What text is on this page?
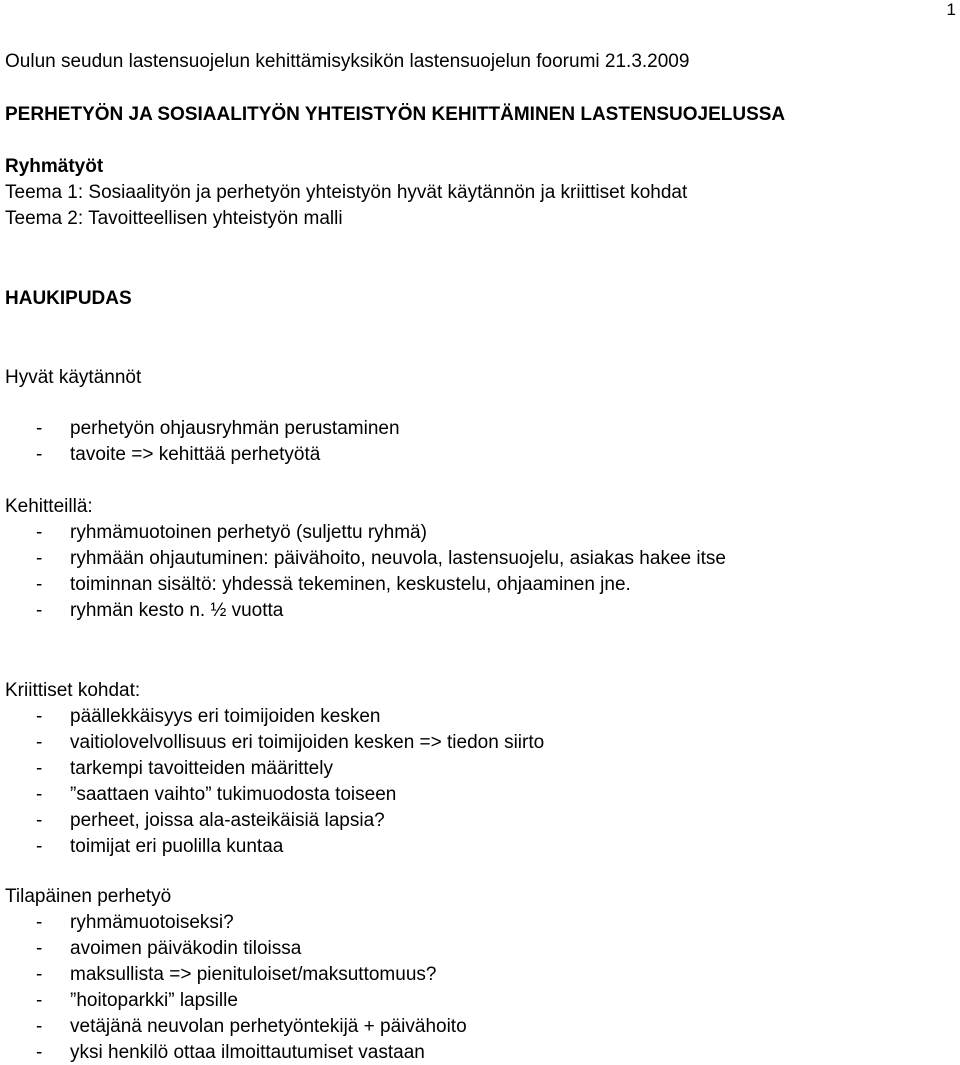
1
Oulun seudun lastensuojelun kehittämisyksikön lastensuojelun foorumi 21.3.2009
PERHETYÖN JA SOSIAALITYÖN YHTEISTYÖN KEHITTÄMINEN LASTENSUOJELUSSA
Ryhmätyöt
Teema 1: Sosiaalityön ja perhetyön yhteistyön hyvät käytännön ja kriittiset kohdat
Teema 2: Tavoitteellisen yhteistyön malli
HAUKIPUDAS
Hyvät käytännöt
- perhetyön ohjausryhmän perustaminen
- tavoite => kehittää perhetyötä
Kehitteillä:
- ryhmämuotoinen perhetyö (suljettu ryhmä)
- ryhmään ohjautuminen: päivähoito, neuvola, lastensuojelu, asiakas hakee itse
- toiminnan sisältö: yhdessä tekeminen, keskustelu, ohjaaminen jne.
- ryhmän kesto n. ½ vuotta
Kriittiset kohdat:
- päällekkäisyys eri toimijoiden kesken
- vaitiolovelvollisuus eri toimijoiden kesken => tiedon siirto
- tarkempi tavoitteiden määrittely
- ”saattaen vaihto” tukimuodosta toiseen
- perheet, joissa ala-asteikäisiä lapsia?
- toimijat eri puolilla kuntaa
Tilapäinen perhetyö
- ryhmämuotoiseksi?
- avoimen päiväkodin tiloissa
- maksullista => pienituloiset/maksuttomuus?
- ”hoitoparkki” lapsille
- vetäjänä neuvolan perhetyöntekijä + päivähoito
- yksi henkilö ottaa ilmoittautumiset vastaan
